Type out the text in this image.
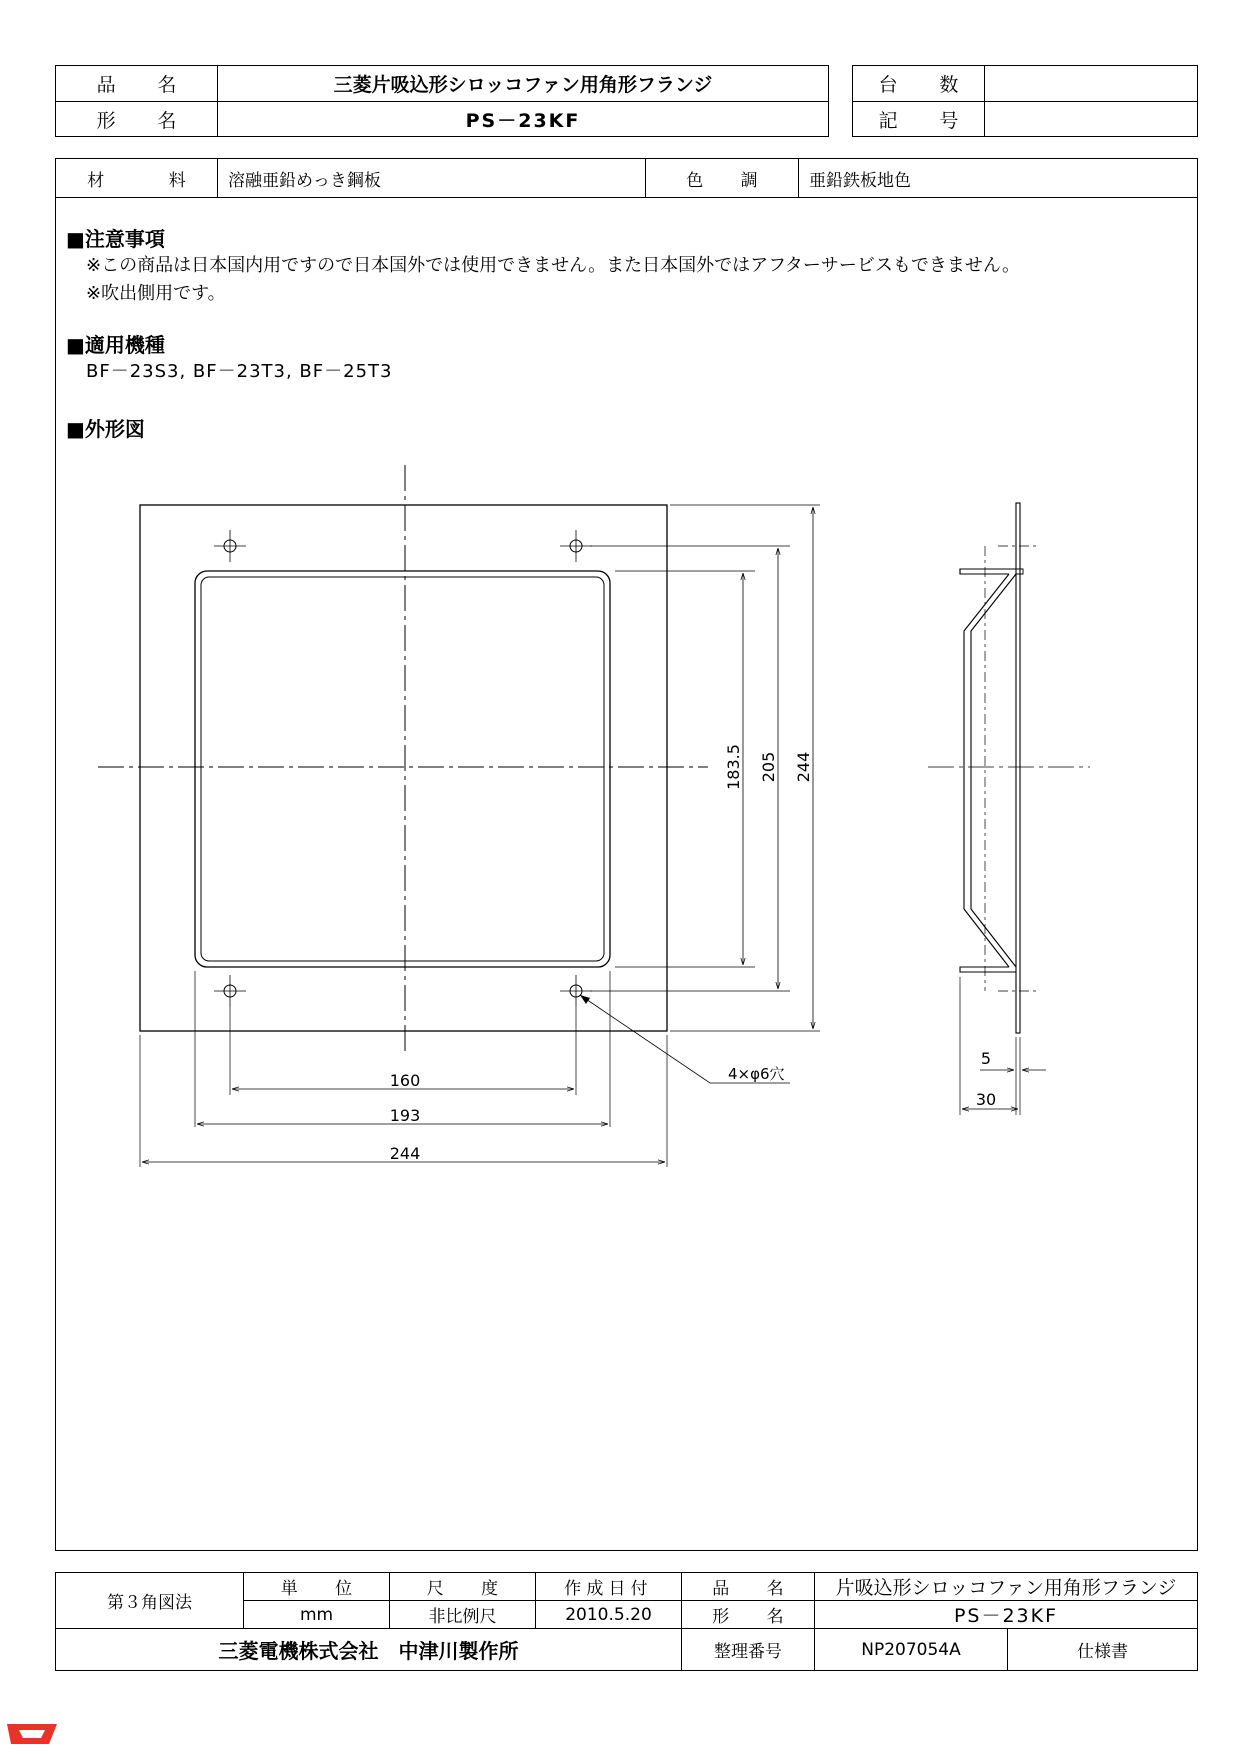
品　名	三菱片吸込形シロッコファン用角形フランジ
形　名	PS－23KF
台　数	
記　号	
材　　料	溶融亜鉛めっき鋼板	色　調	亜鉛鉄板地色
■注意事項
※この商品は日本国内用ですので日本国外では使用できません。また日本国外ではアフターサービスもできません。
※吹出側用です。
■適用機種
BF－23S3, BF－23T3, BF－25T3
■外形図
183.5 205 244
160
193
244
4×φ6穴
5
30
第３角図法	単　位	尺　度	作成日付	品　名	片吸込形シロッコファン用角形フランジ	
	mm	非比例尺	2010.5.20	形　名	PS－23KF	
三菱電機株式会社　中津川製作所				整理番号	NP207054A	仕様書
